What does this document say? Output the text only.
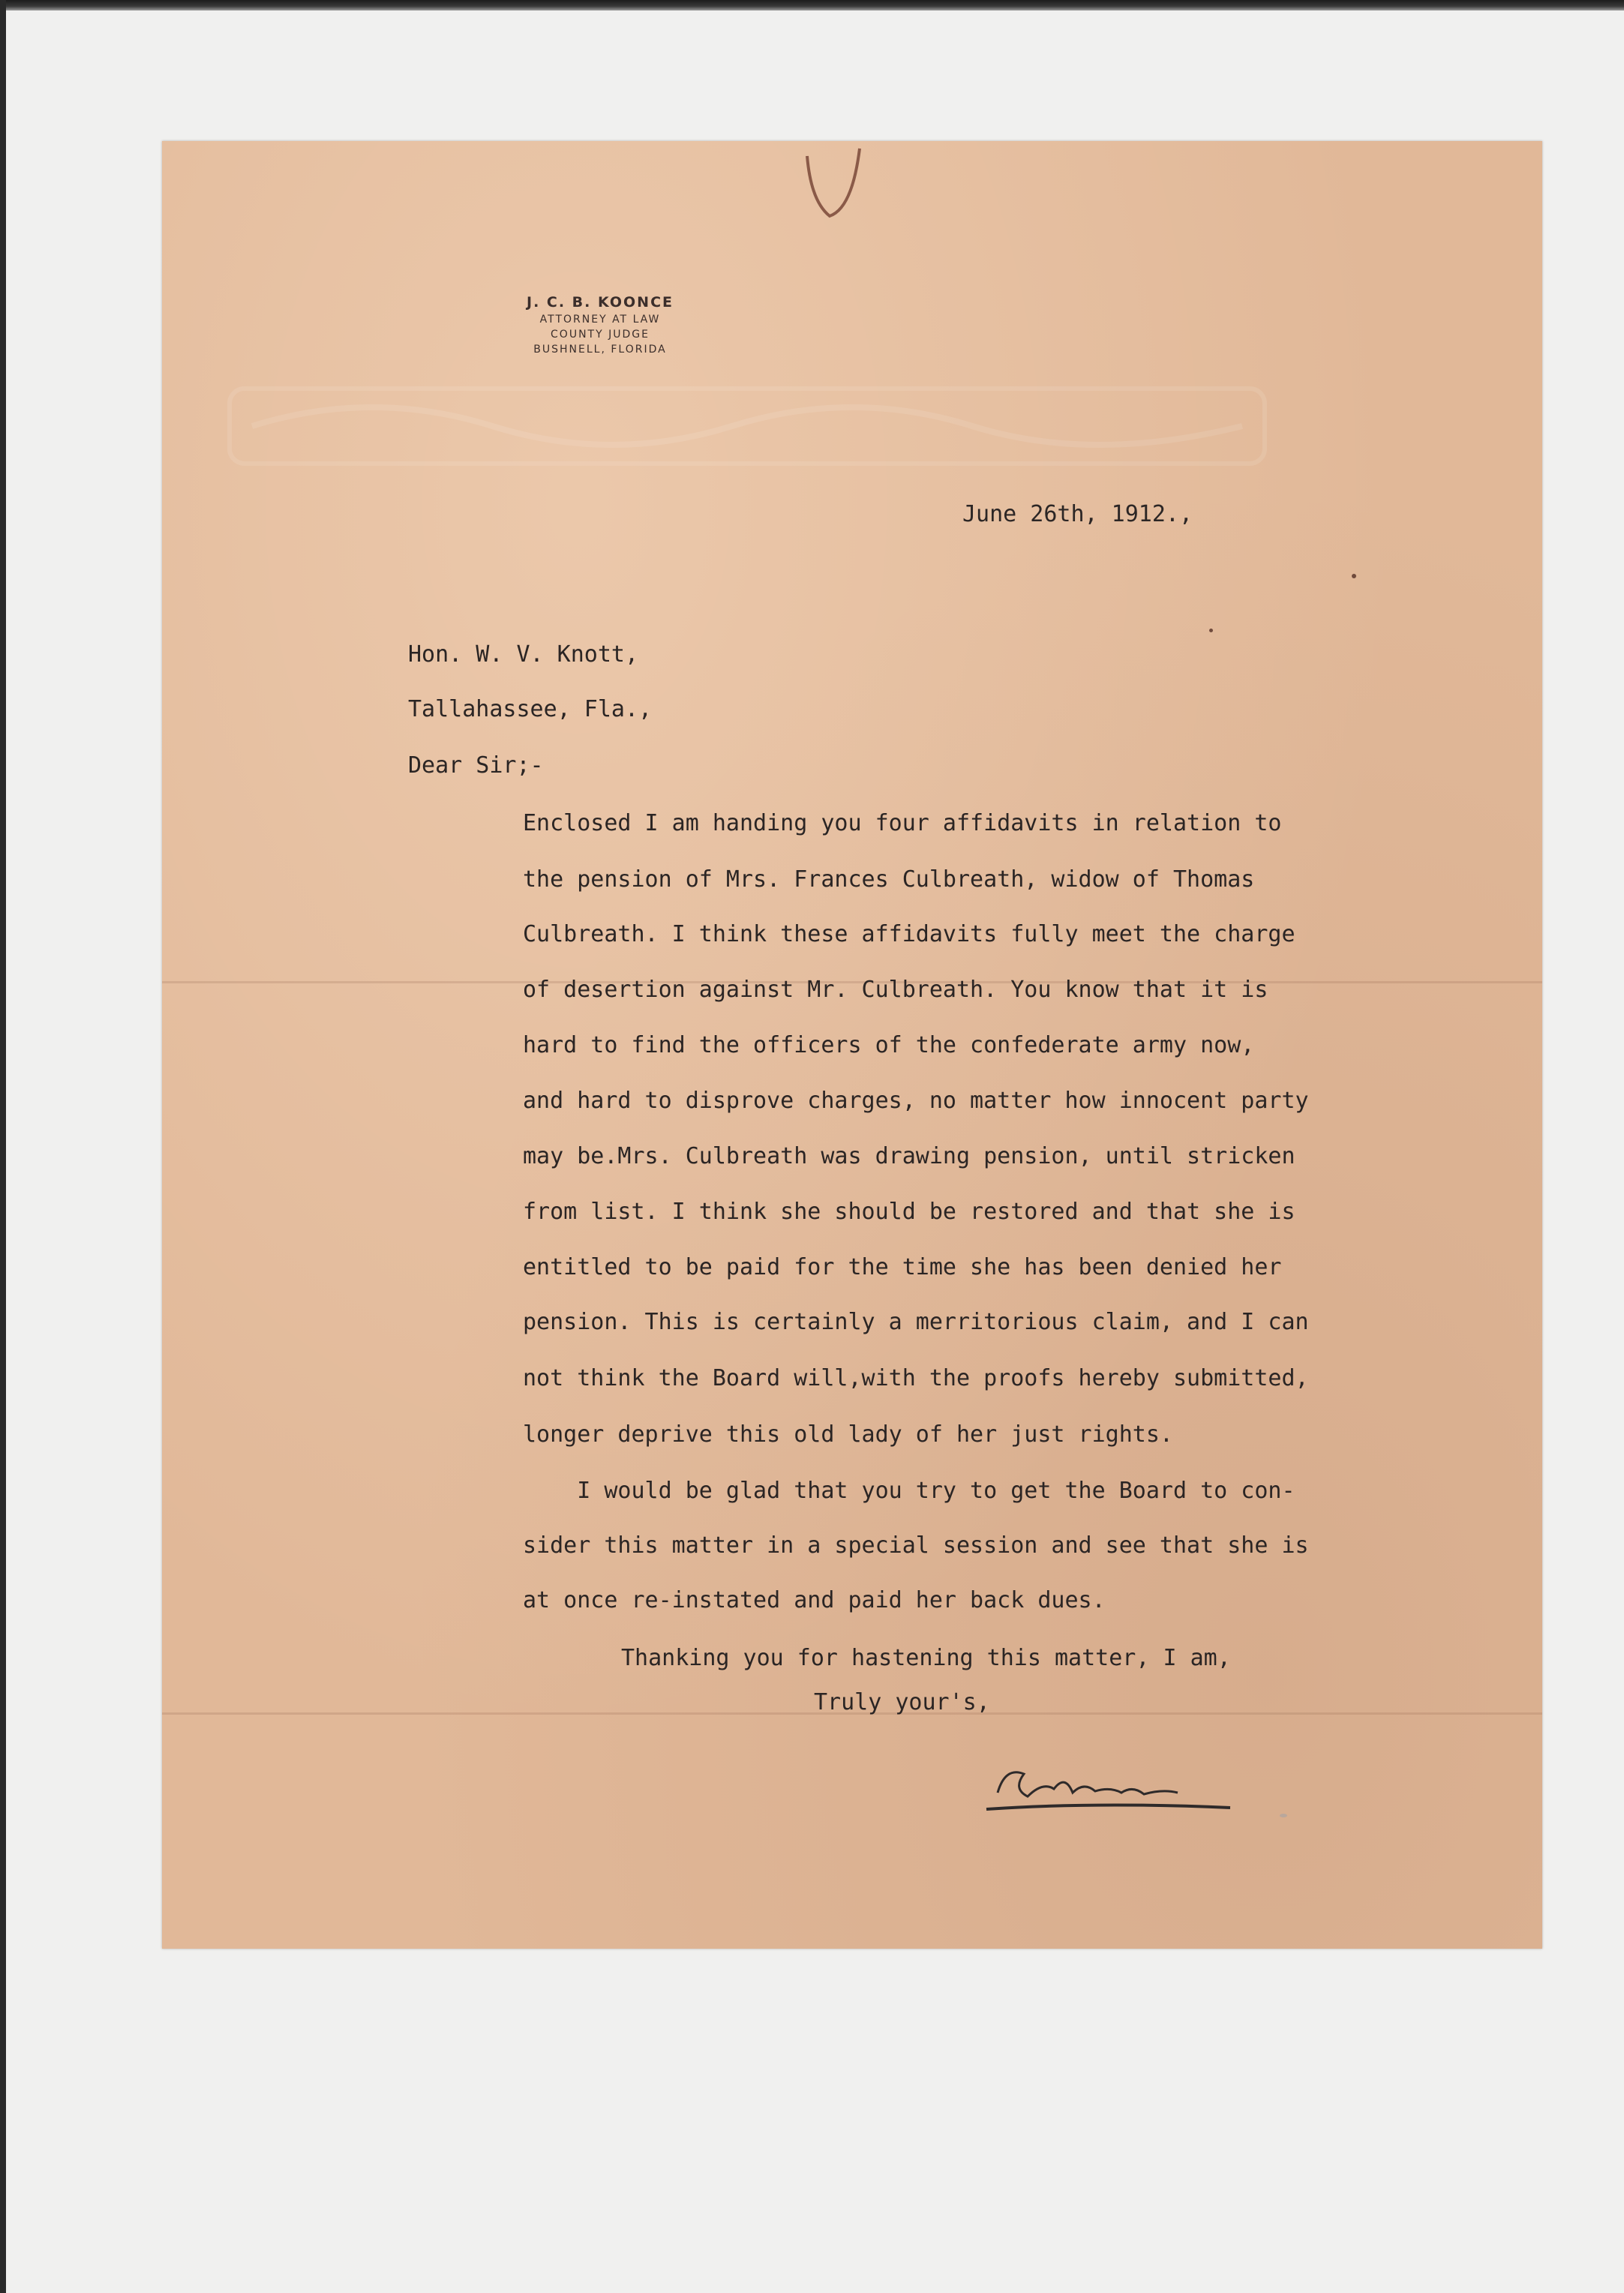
J. C. B. KOONCE
ATTORNEY AT LAW
COUNTY JUDGE
BUSHNELL, FLORIDA
June 26th, 1912.,
Hon. W. V. Knott,
Tallahassee, Fla.,
Dear Sir;-
Enclosed I am handing you four affidavits in relation to
the pension of Mrs. Frances Culbreath, widow of Thomas
Culbreath. I think these affidavits fully meet the charge
of desertion against Mr. Culbreath. You know that it is
hard to find the officers of the confederate army now,
and hard to disprove charges, no matter how innocent party
may be.Mrs. Culbreath was drawing pension, until stricken
from list. I think she should be restored and that she is
entitled to be paid for the time she has been denied her
pension. This is certainly a merritorious claim, and I can
not think the Board will,with the proofs hereby submitted,
longer deprive this old lady of her just rights.
I would be glad that you try to get the Board to con-
sider this matter in a special session and see that she is
at once re-instated and paid her back dues.
Thanking you for hastening this matter, I am,
Truly your's,
